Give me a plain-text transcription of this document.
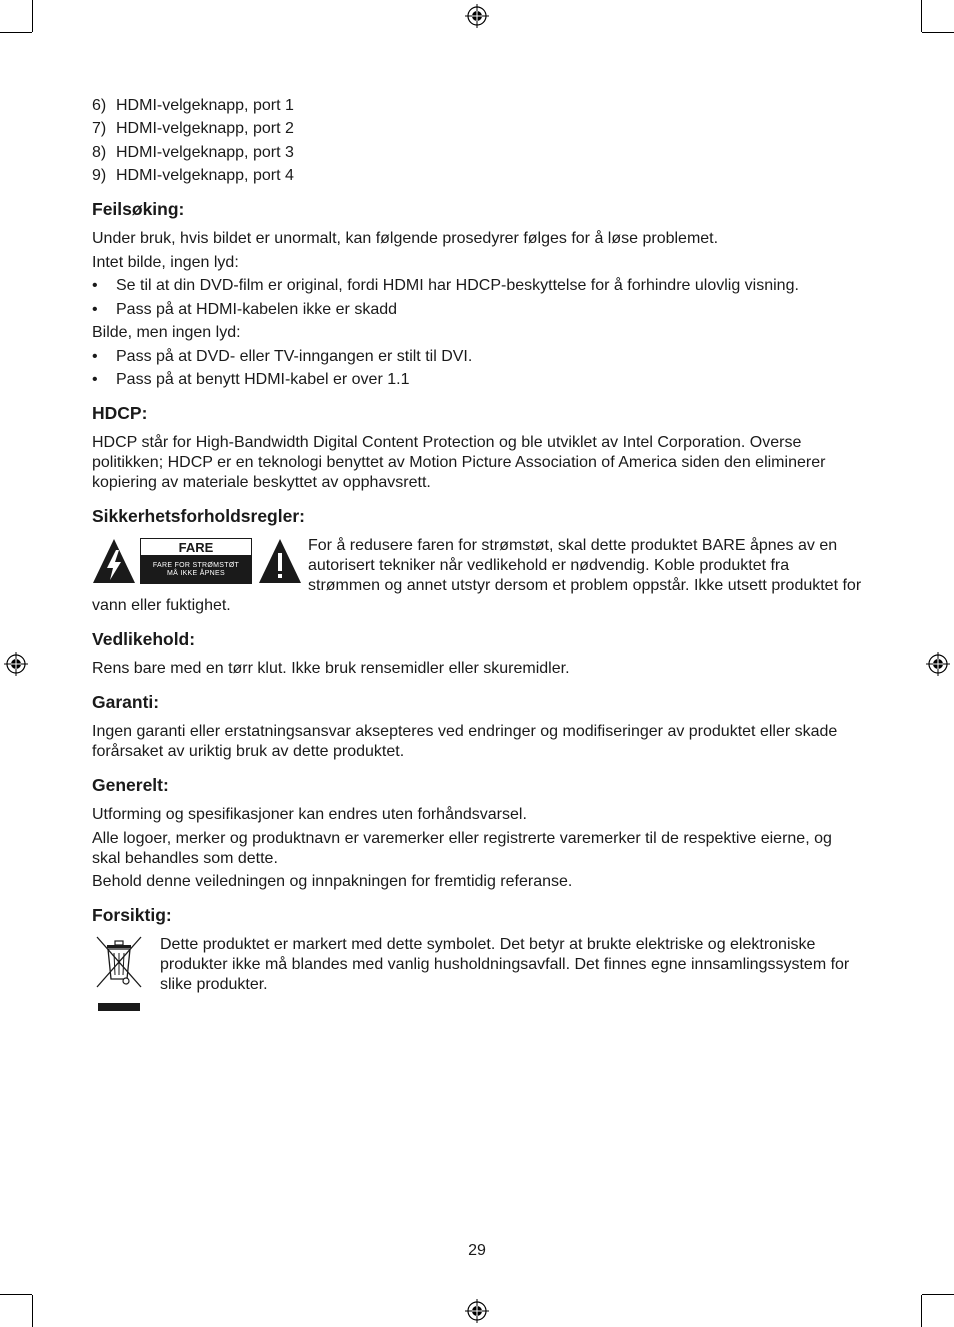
6) HDMI-velgeknapp, port 1
7) HDMI-velgeknapp, port 2
8) HDMI-velgeknapp, port 3
9) HDMI-velgeknapp, port 4
Feilsøking:
Under bruk, hvis bildet er unormalt, kan følgende prosedyrer følges for å løse problemet.
Intet bilde, ingen lyd:
•	Se til at din DVD-film er original, fordi HDMI har HDCP-beskyttelse for å forhindre ulovlig visning.
•	Pass på at HDMI-kabelen ikke er skadd
Bilde, men ingen lyd:
•	Pass på at DVD- eller TV-inngangen er stilt til DVI.
•	Pass på at benytt HDMI-kabel er over 1.1
HDCP:
HDCP står for High-Bandwidth Digital Content Protection og ble utviklet av Intel Corporation. Overse politikken; HDCP er en teknologi benyttet av Motion Picture Association of America siden den eliminerer kopiering av materiale beskyttet av opphavsrett.
Sikkerhetsforholdsregler:
FARE
FARE FOR STRØMSTØT
MÅ IKKE ÅPNES
For å redusere faren for strømstøt, skal dette produktet BARE åpnes av en autorisert tekniker når vedlikehold er nødvendig. Koble produktet fra strømmen og annet utstyr dersom et problem oppstår. Ikke utsett produktet for vann eller fuktighet.
Vedlikehold:
Rens bare med en tørr klut. Ikke bruk rensemidler eller skuremidler.
Garanti:
Ingen garanti eller erstatningsansvar aksepteres ved endringer og modifiseringer av produktet eller skade forårsaket av uriktig bruk av dette produktet.
Generelt:
Utforming og spesifikasjoner kan endres uten forhåndsvarsel.
Alle logoer, merker og produktnavn er varemerker eller registrerte varemerker til de respektive eierne, og skal behandles som dette.
Behold denne veiledningen og innpakningen for fremtidig referanse.
Forsiktig:
Dette produktet er markert med dette symbolet. Det betyr at brukte elektriske og elektroniske produkter ikke må blandes med vanlig husholdningsavfall. Det finnes egne innsamlingssystem for slike produkter.
29
